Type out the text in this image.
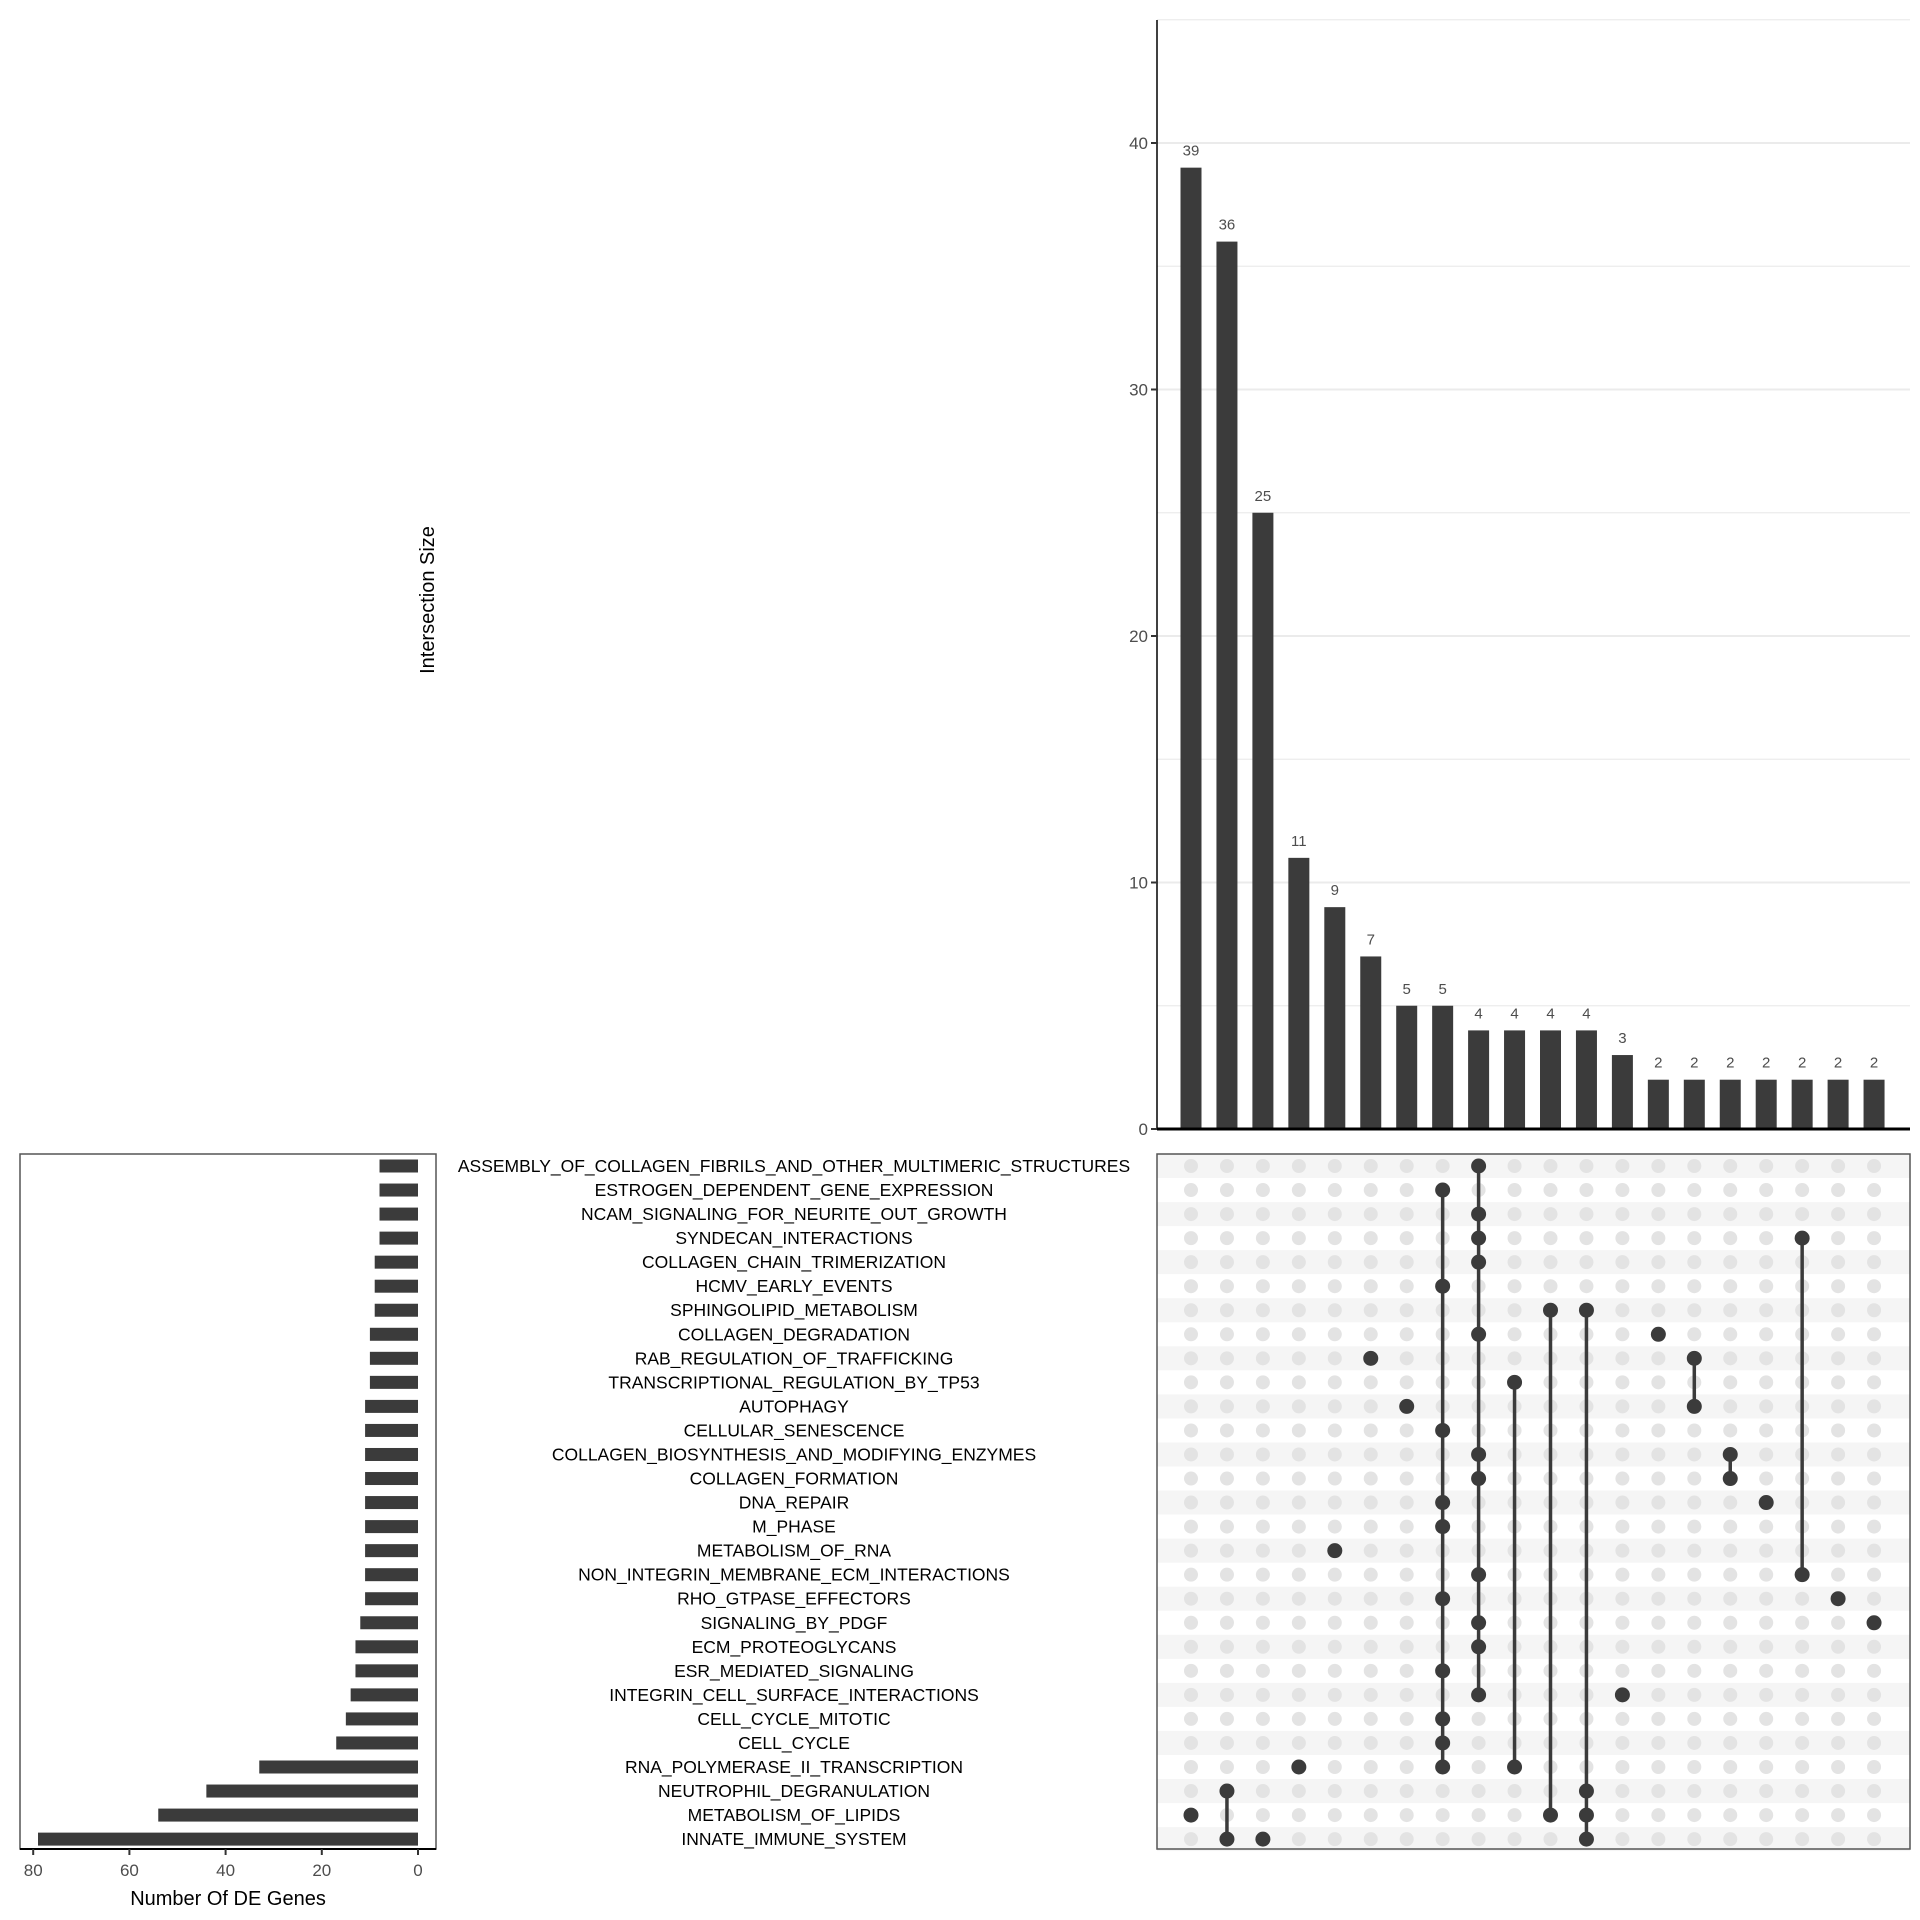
0
10
20
30
40
Intersection Size
39
36
25
11
9
7
5 5
4 4 4 4
3
2 2 2 2 2 2 2
ASSEMBLY_OF_COLLAGEN_FIBRILS_AND_OTHER_MULTIMERIC_STRUCTURES
ESTROGEN_DEPENDENT_GENE_EXPRESSION
NCAM_SIGNALING_FOR_NEURITE_OUT_GROWTH
SYNDECAN_INTERACTIONS
COLLAGEN_CHAIN_TRIMERIZATION
HCMV_EARLY_EVENTS
SPHINGOLIPID_METABOLISM
COLLAGEN_DEGRADATION
RAB_REGULATION_OF_TRAFFICKING
TRANSCRIPTIONAL_REGULATION_BY_TP53
AUTOPHAGY
CELLULAR_SENESCENCE
COLLAGEN_BIOSYNTHESIS_AND_MODIFYING_ENZYMES
COLLAGEN_FORMATION
DNA_REPAIR
M_PHASE
METABOLISM_OF_RNA
NON_INTEGRIN_MEMBRANE_ECM_INTERACTIONS
RHO_GTPASE_EFFECTORS
SIGNALING_BY_PDGF
ECM_PROTEOGLYCANS
ESR_MEDIATED_SIGNALING
INTEGRIN_CELL_SURFACE_INTERACTIONS
CELL_CYCLE_MITOTIC
CELL_CYCLE
RNA_POLYMERASE_II_TRANSCRIPTION
NEUTROPHIL_DEGRANULATION
METABOLISM_OF_LIPIDS
INNATE_IMMUNE_SYSTEM
80	60	40	20	0
Number Of DE Genes
